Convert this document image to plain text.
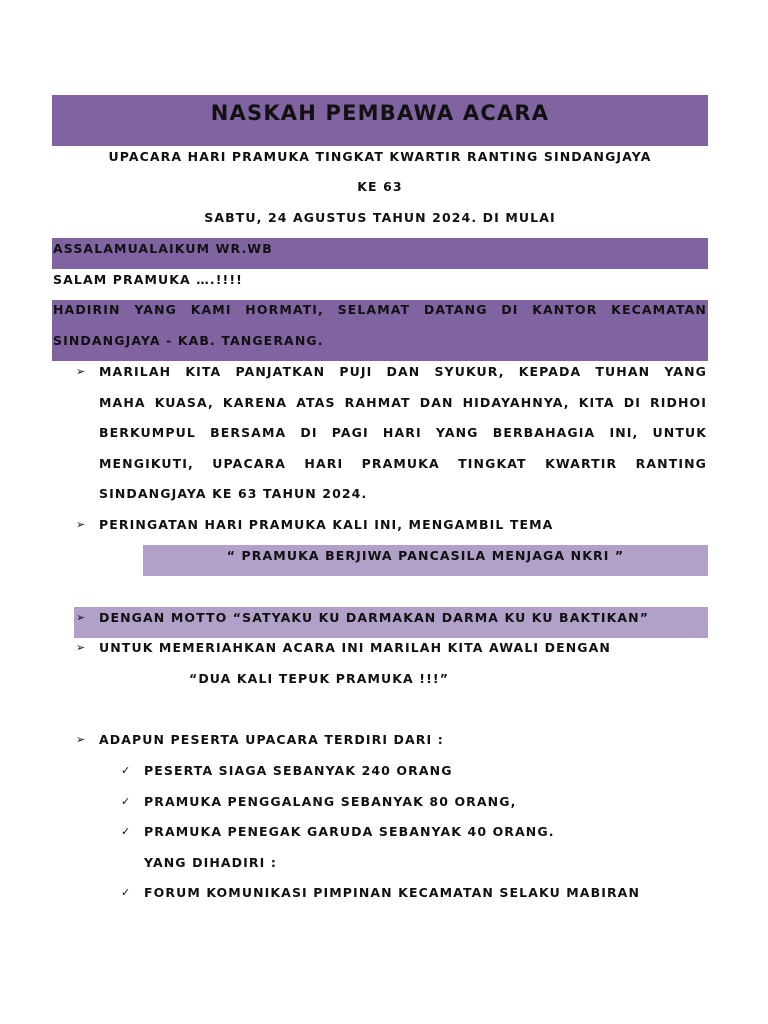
NASKAH PEMBAWA ACARA
UPACARA HARI PRAMUKA TINGKAT KWARTIR RANTING SINDANGJAYA
KE 63
SABTU, 24 AGUSTUS TAHUN 2024. DI MULAI
ASSALAMUALAIKUM WR.WB
SALAM PRAMUKA ….!!!!
HADIRIN YANG KAMI HORMATI, SELAMAT DATANG DI KANTOR KECAMATAN
SINDANGJAYA - KAB. TANGERANG.
➢ MARILAH KITA PANJATKAN PUJI DAN SYUKUR, KEPADA TUHAN YANG
MAHA KUASA, KARENA ATAS RAHMAT DAN HIDAYAHNYA, KITA DI RIDHOI
BERKUMPUL BERSAMA DI PAGI HARI YANG BERBAHAGIA INI, UNTUK
MENGIKUTI, UPACARA HARI PRAMUKA TINGKAT KWARTIR RANTING
SINDANGJAYA KE 63 TAHUN 2024.
➢ PERINGATAN HARI PRAMUKA KALI INI, MENGAMBIL TEMA
“ PRAMUKA BERJIWA PANCASILA MENJAGA NKRI ”
➢ DENGAN MOTTO “SATYAKU KU DARMAKAN DARMA KU KU BAKTIKAN”
➢ UNTUK MEMERIAHKAN ACARA INI MARILAH KITA AWALI DENGAN
“DUA KALI TEPUK PRAMUKA !!!”
➢ ADAPUN PESERTA UPACARA TERDIRI DARI :
✓ PESERTA SIAGA SEBANYAK 240 ORANG
✓ PRAMUKA PENGGALANG SEBANYAK 80 ORANG,
✓ PRAMUKA PENEGAK GARUDA SEBANYAK 40 ORANG.
YANG DIHADIRI :
✓ FORUM KOMUNIKASI PIMPINAN KECAMATAN SELAKU MABIRAN
